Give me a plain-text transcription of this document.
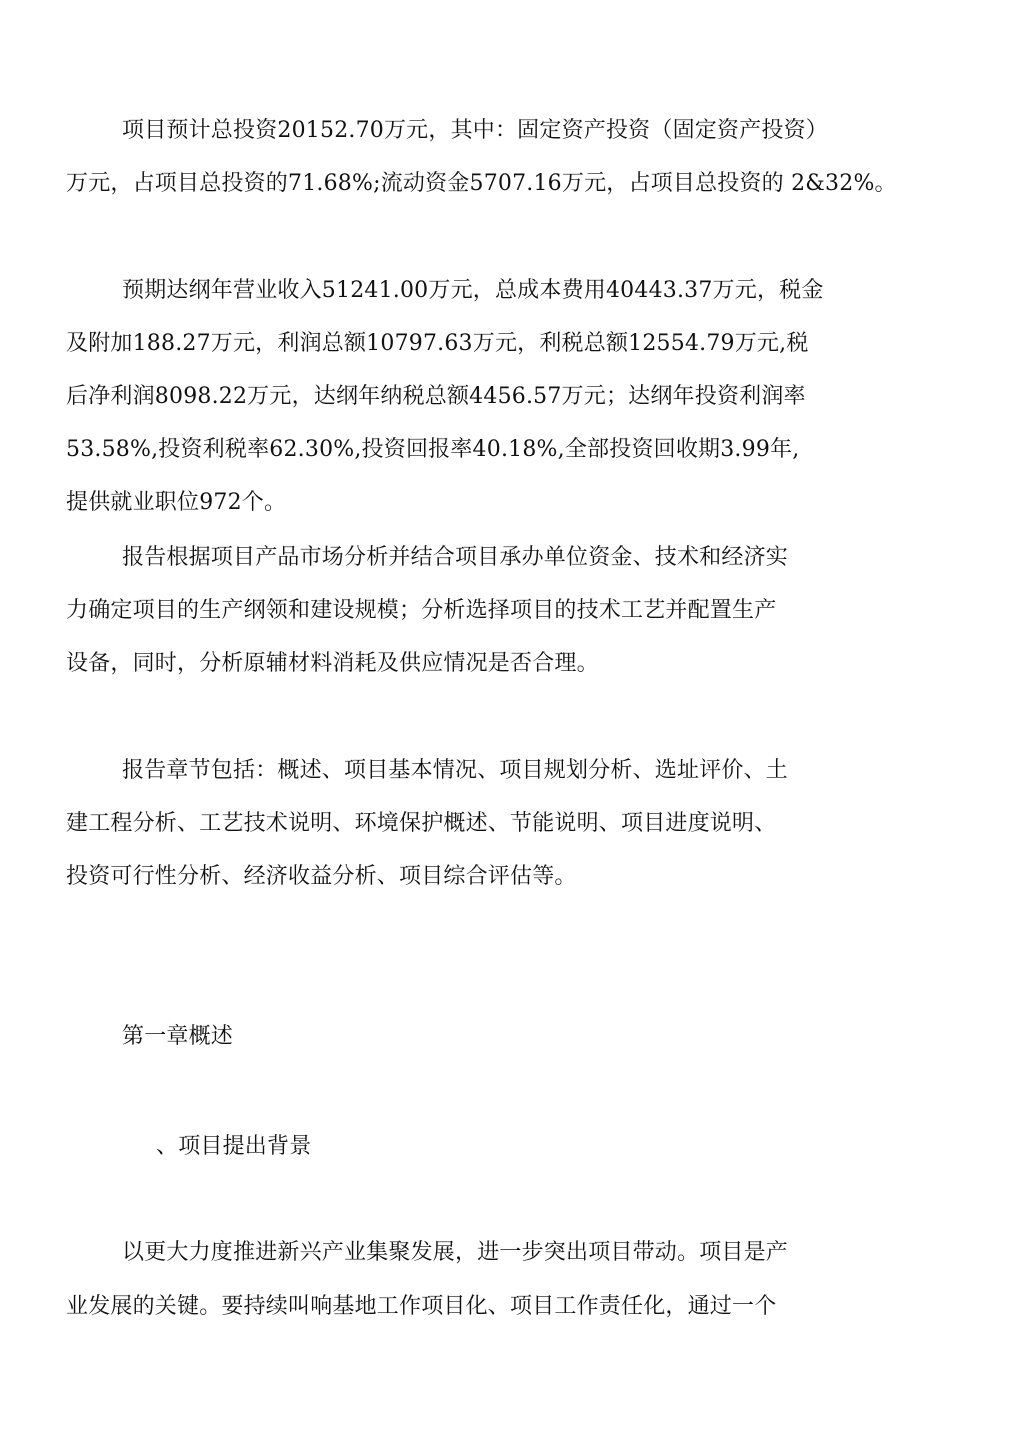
项目预计总投资20152.70万元，其中：固定资产投资（固定资产投资）
万元，占项目总投资的71.68%;流动资金5707.16万元，占项目总投资的 2&32%。
预期达纲年营业收入51241.00万元，总成本费用40443.37万元，税金
及附加188.27万元，利润总额10797.63万元，利税总额12554.79万元,税
后净利润8098.22万元，达纲年纳税总额4456.57万元；达纲年投资利润率
53.58%,投资利税率62.30%,投资回报率40.18%,全部投资回收期3.99年,
提供就业职位972个。
报告根据项目产品市场分析并结合项目承办单位资金、技术和经济实
力确定项目的生产纲领和建设规模；分析选择项目的技术工艺并配置生产
设备，同时，分析原辅材料消耗及供应情况是否合理。
报告章节包括：概述、项目基本情况、项目规划分析、选址评价、土
建工程分析、工艺技术说明、环境保护概述、节能说明、项目进度说明、
投资可行性分析、经济收益分析、项目综合评估等。
第一章概述
、项目提出背景
以更大力度推进新兴产业集聚发展，进一步突出项目带动。项目是产
业发展的关键。要持续叫响基地工作项目化、项目工作责任化，通过一个
